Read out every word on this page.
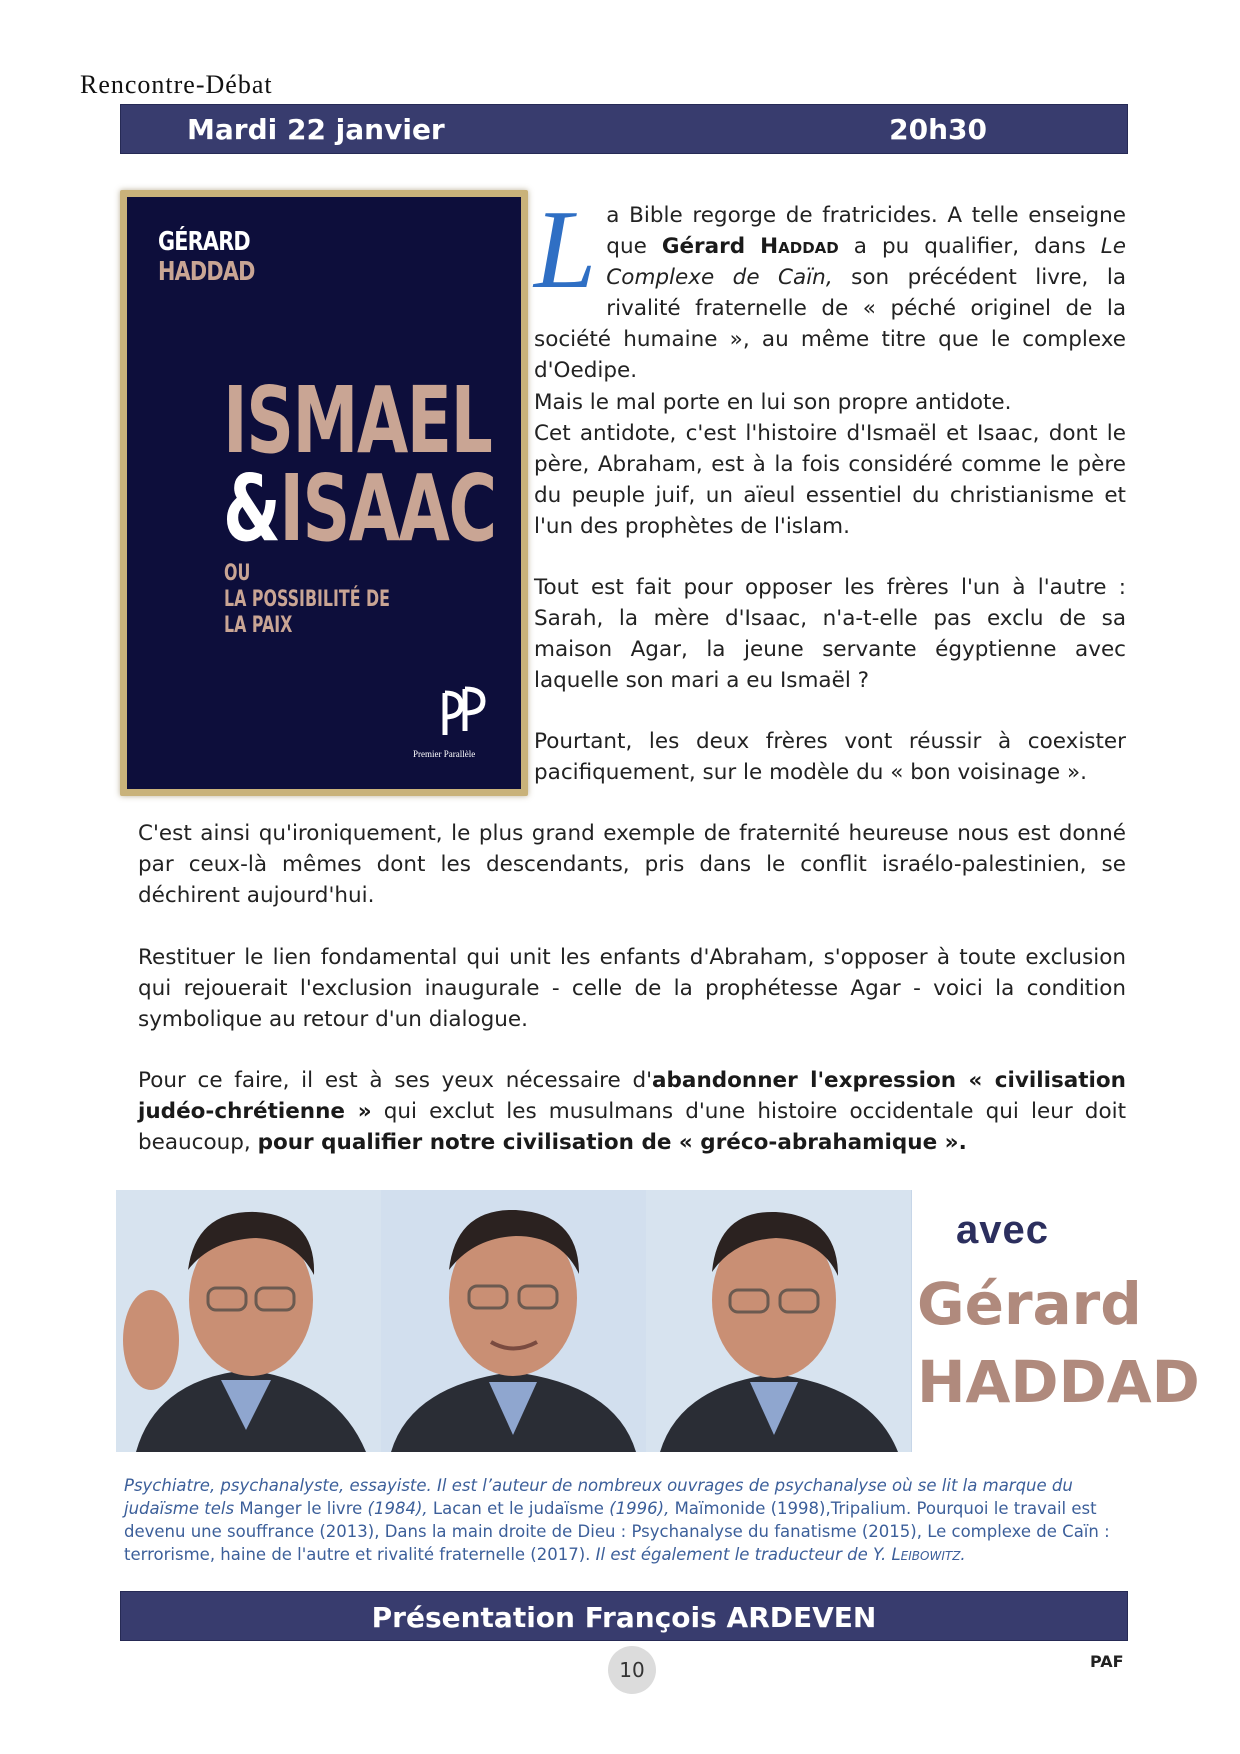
Rencontre-Débat
Mardi 22 janvier	20h30
GÉRARD
HADDAD
ISMAEL
&ISAAC
OU
LA POSSIBILITÉ DE
LA PAIX
Premier Parallèle
La Bible regorge de fratricides. A telle enseigne que Gérard Haddad a pu qualifier, dans Le Complexe de Caïn, son précédent livre, la rivalité fraternelle de « péché originel de la société humaine », au même titre que le complexe d'Oedipe.
Mais le mal porte en lui son propre antidote.
Cet antidote, c'est l'histoire d'Ismaël et Isaac, dont le père, Abraham, est à la fois considéré comme le père du peuple juif, un aïeul essentiel du christianisme et l'un des prophètes de l'islam.
Tout est fait pour opposer les frères l'un à l'autre : Sarah, la mère d'Isaac, n'a-t-elle pas exclu de sa maison Agar, la jeune servante égyptienne avec laquelle son mari a eu Ismaël ?
Pourtant, les deux frères vont réussir à coexister pacifiquement, sur le modèle du « bon voisinage ».
C'est ainsi qu'ironiquement, le plus grand exemple de fraternité heureuse nous est donné par ceux-là mêmes dont les descendants, pris dans le conflit israélo-palestinien, se déchirent aujourd'hui.
Restituer le lien fondamental qui unit les enfants d'Abraham, s'opposer à toute exclusion qui rejouerait l'exclusion inaugurale - celle de la prophétesse Agar - voici la condition symbolique au retour d'un dialogue.
Pour ce faire, il est à ses yeux nécessaire d'abandonner l'expression « civilisation judéo-chrétienne » qui exclut les musulmans d'une histoire occidentale qui leur doit beaucoup, pour qualifier notre civilisation de « gréco-abrahamique ».
avec
Gérard
HADDAD
Psychiatre, psychanalyste, essayiste. Il est l’auteur de nombreux ouvrages de psychanalyse où se lit la marque du judaïsme tels Manger le livre (1984), Lacan et le judaïsme (1996), Maïmonide (1998),Tripalium. Pourquoi le travail est devenu une souffrance (2013), Dans la main droite de Dieu : Psychanalyse du fanatisme (2015), Le complexe de Caïn : terrorisme, haine de l'autre et rivalité fraternelle (2017). Il est également le traducteur de Y. Leibowitz.
Présentation François ARDEVEN
10	PAF
